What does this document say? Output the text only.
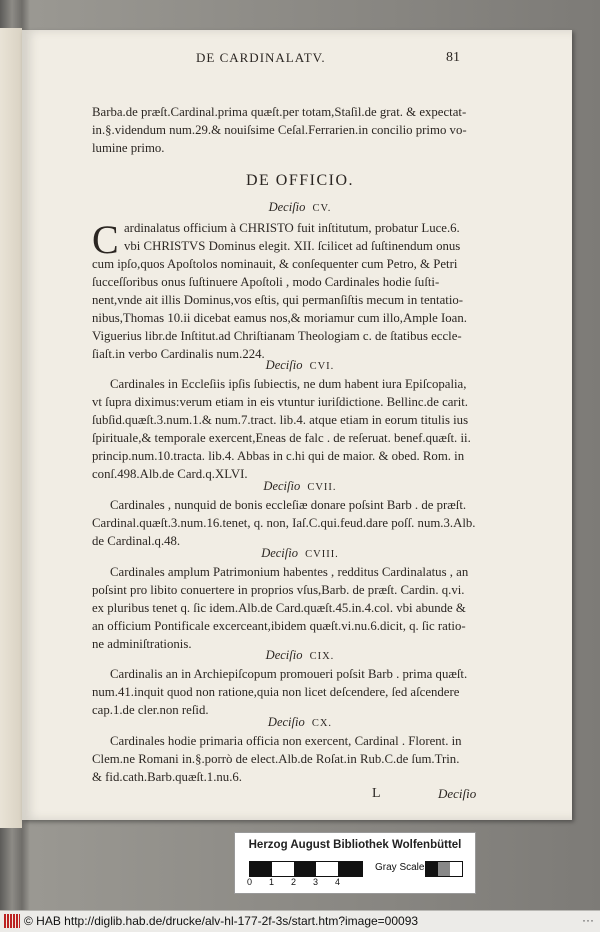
DE CARDINALATV.	81
Barba.de præſt.Cardinal.prima quæſt.per totam,Staſil.de grat. & expectat-
in.§.videndum num.29.& nouiſsime Ceſal.Ferrarien.in concilio primo vo-
lumine primo.
DE OFFICIO.
Deciſio CV.
C ardinalatus officium à CHRISTO fuit inſtitutum, probatur Luce.6.
vbi CHRISTVS Dominus elegit. XII. ſcilicet ad ſuſtinendum onus
cum ipſo,quos Apoſtolos nominauit, & conſequenter cum Petro, & Petri
ſucceſſoribus onus ſuſtinuere Apoſtoli , modo Cardinales hodie ſuſti-
nent,vnde ait illis Dominus,vos eſtis, qui permanſiſtis mecum in tentatio-
nibus,Thomas 10.ii dicebat eamus nos,& moriamur cum illo,Ample Ioan.
Viguerius libr.de Inſtitut.ad Chriſtianam Theologiam c. de ſtatibus eccle-
ſiaſt.in verbo Cardinalis num.224.
Deciſio CVI.
Cardinales in Eccleſiis ipſis ſubiectis, ne dum habent iura Epiſcopalia,
vt ſupra diximus:verum etiam in eis vtuntur iuriſdictione. Bellinc.de carit.
ſubſid.quæſt.3.num.1.& num.7.tract. lib.4. atque etiam in eorum titulis ius
ſpirituale,& temporale exercent,Eneas de falc . de reſeruat. benef.quæſt. ii.
princip.num.10.tracta. lib.4. Abbas in c.hi qui de maior. & obed. Rom. in
conſ.498.Alb.de Card.q.XLVI.
Deciſio CVII.
Cardinales , nunquid de bonis eccleſiæ donare poſsint Barb . de præſt.
Cardinal.quæſt.3.num.16.tenet, q. non, Iaſ.C.qui.feud.dare poſſ. num.3.Alb.
de Cardinal.q.48.
Deciſio CVIII.
Cardinales amplum Patrimonium habentes , redditus Cardinalatus , an
poſsint pro libito conuertere in proprios vſus,Barb. de præſt. Cardin. q.vi.
ex pluribus tenet q. ſic idem.Alb.de Card.quæſt.45.in.4.col. vbi abunde &
an officium Pontificale excerceant,ibidem quæſt.vi.nu.6.dicit, q. ſic ratio-
ne adminiſtrationis.
Deciſio CIX.
Cardinalis an in Archiepiſcopum promoueri poſsit Barb . prima quæſt.
num.41.inquit quod non ratione,quia non licet deſcendere, ſed aſcendere
cap.1.de cler.non reſid.
Deciſio CX.
Cardinales hodie primaria officia non exercent, Cardinal . Florent. in
Clem.ne Romani in.§.porrò de elect.Alb.de Roſat.in Rub.C.de ſum.Trin.
& fid.cath.Barb.quæſt.1.nu.6.
L	Deciſio
Herzog August Bibliothek Wolfenbüttel
0 1 2 3 4
Gray Scale
© HAB http://diglib.hab.de/drucke/alv-hl-177-2f-3s/start.htm?image=00093	···
